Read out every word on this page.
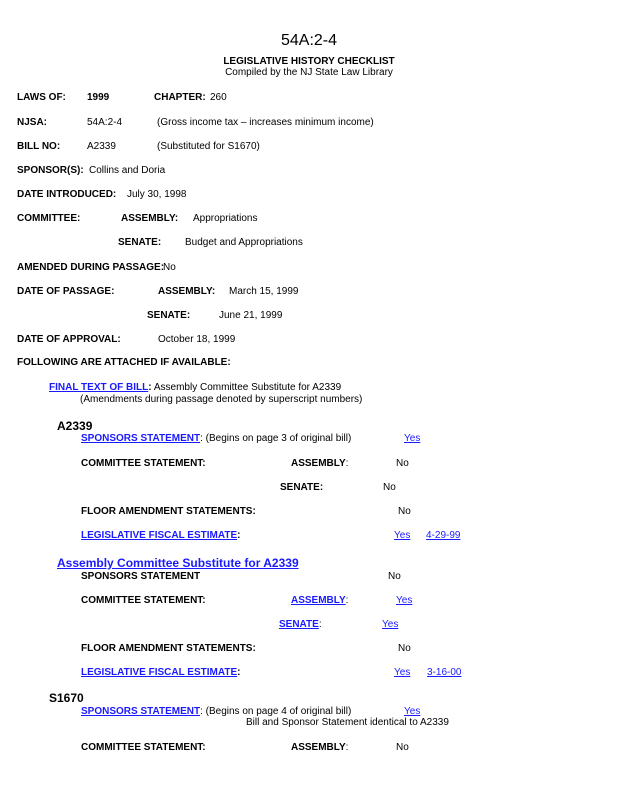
54A:2-4
LEGISLATIVE HISTORY CHECKLIST
Compiled by the NJ State Law Library
LAWS OF: 1999	CHAPTER: 260
NJSA:	54A:2-4	(Gross income tax – increases minimum income)
BILL NO:	A2339	(Substituted for S1670)
SPONSOR(S): Collins and Doria
DATE INTRODUCED: July 30, 1998
COMMITTEE:	ASSEMBLY: Appropriations
SENATE: Budget and Appropriations
AMENDED DURING PASSAGE:
No
DATE OF PASSAGE:	ASSEMBLY: March 15, 1999
SENATE:	June 21, 1999
DATE OF APPROVAL:	October 18, 1999
FOLLOWING ARE ATTACHED IF AVAILABLE:
FINAL TEXT OF BILL: Assembly Committee Substitute for A2339
(Amendments during passage denoted by superscript numbers)
A2339
SPONSORS STATEMENT: (Begins on page 3 of original bill)	Yes
COMMITTEE STATEMENT:	ASSEMBLY:	No
SENATE:	No
FLOOR AMENDMENT STATEMENTS:	No
LEGISLATIVE FISCAL ESTIMATE:	Yes 4-29-99
Assembly Committee Substitute for A2339
SPONSORS STATEMENT	No
COMMITTEE STATEMENT:	ASSEMBLY:	Yes
SENATE:	Yes
FLOOR AMENDMENT STATEMENTS:	No
LEGISLATIVE FISCAL ESTIMATE:	Yes 3-16-00
S1670
SPONSORS STATEMENT: (Begins on page 4 of original bill)	Yes
Bill and Sponsor Statement identical to A2339
COMMITTEE STATEMENT:	ASSEMBLY:	No
